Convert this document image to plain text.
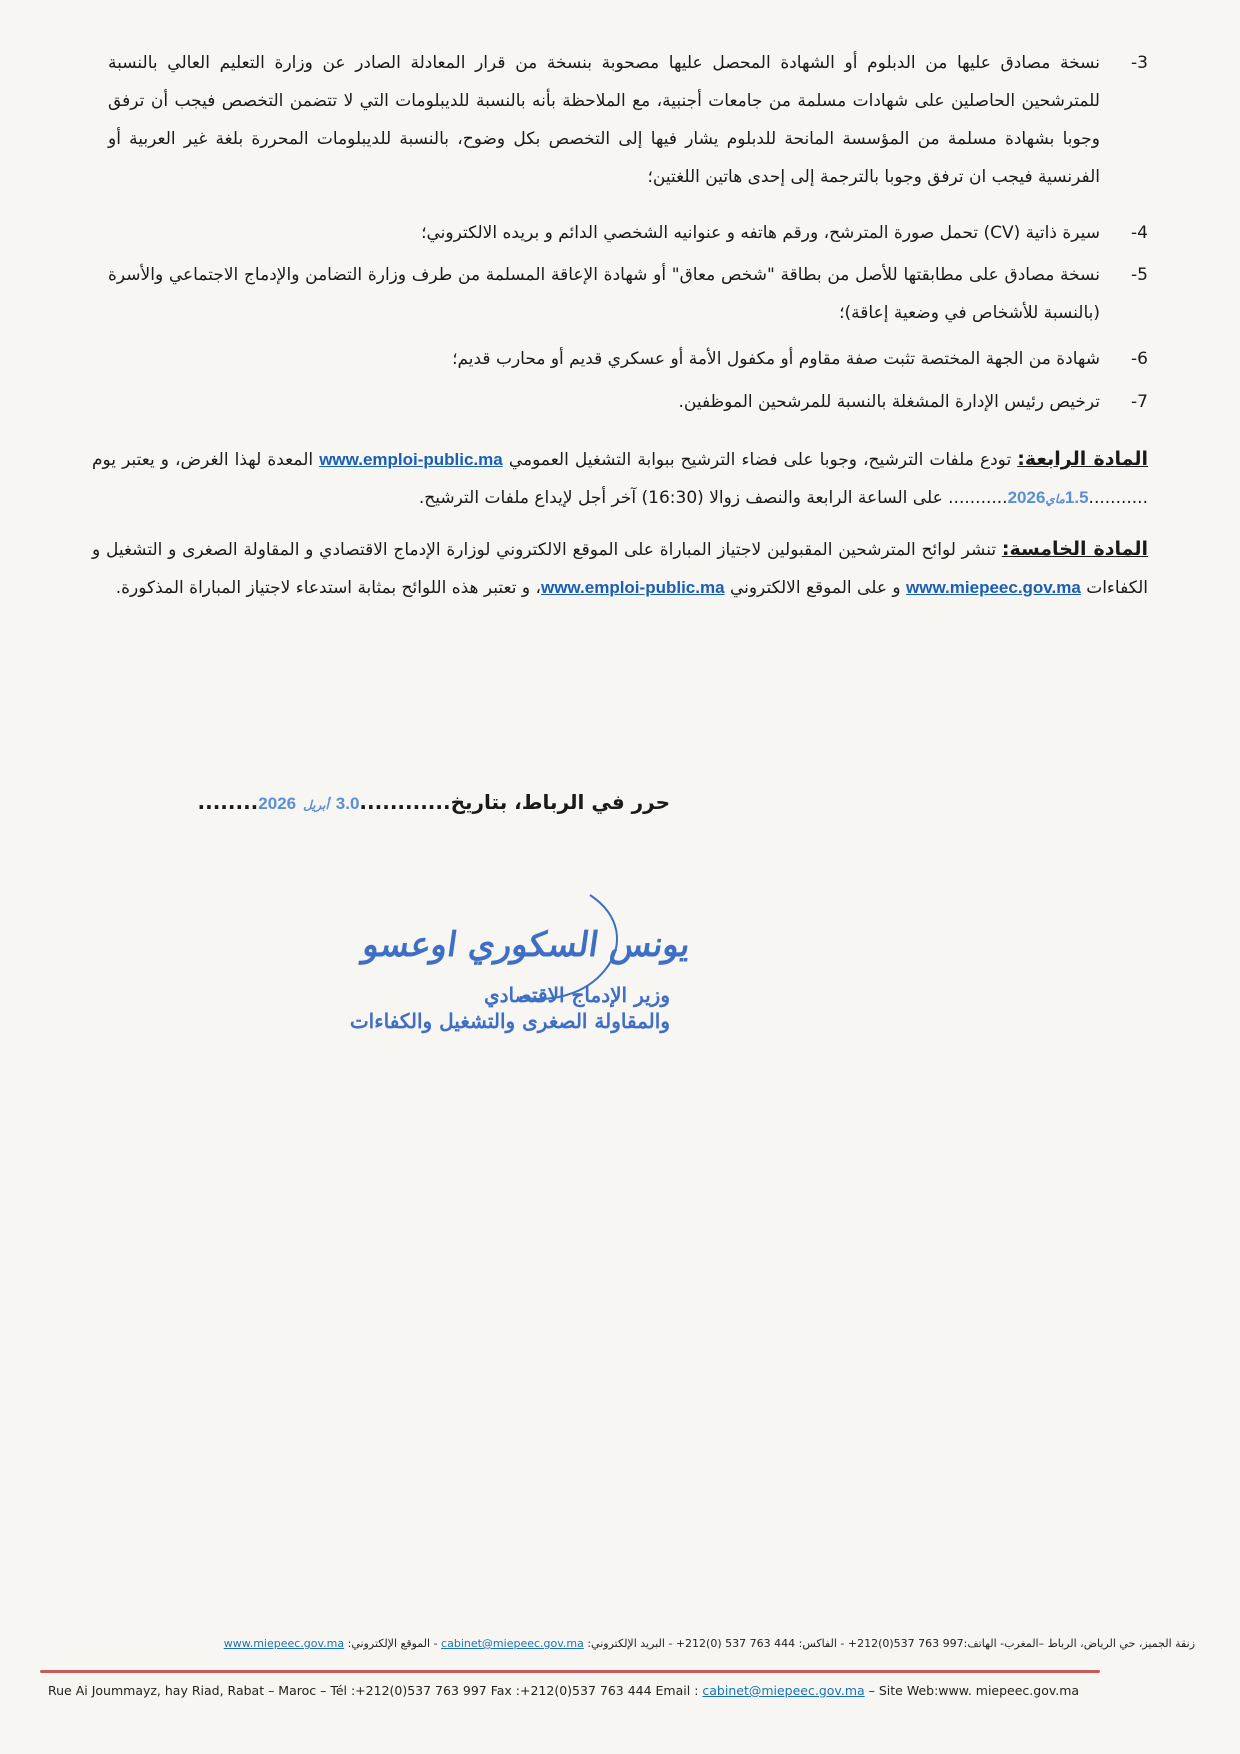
-3
نسخة مصادق عليها من الدبلوم أو الشهادة المحصل عليها مصحوبة بنسخة من قرار المعادلة الصادر عن وزارة التعليم العالي بالنسبة للمترشحين الحاصلين على شهادات مسلمة من جامعات أجنبية، مع الملاحظة بأنه بالنسبة للديبلومات التي لا تتضمن التخصص فيجب أن ترفق وجوبا بشهادة مسلمة من المؤسسة المانحة للدبلوم يشار فيها إلى التخصص بكل وضوح، بالنسبة للديبلومات المحررة بلغة غير العربية أو الفرنسية فيجب ان ترفق وجوبا بالترجمة إلى إحدى هاتين اللغتين؛
-4
سيرة ذاتية (CV) تحمل صورة المترشح، ورقم هاتفه و عنوانيه الشخصي الدائم و بريده الالكتروني؛
-5
نسخة مصادق على مطابقتها للأصل من بطاقة "شخص معاق" أو شهادة الإعاقة المسلمة من طرف وزارة التضامن والإدماج الاجتماعي والأسرة (بالنسبة للأشخاص في وضعية إعاقة)؛
-6
شهادة من الجهة المختصة تثبت صفة مقاوم أو مكفول الأمة أو عسكري قديم أو محارب قديم؛
-7
ترخيص رئيس الإدارة المشغلة بالنسبة للمرشحين الموظفين.
المادة الرابعة: تودع ملفات الترشيح، وجوبا على فضاء الترشيح ببوابة التشغيل العمومي www.emploi-public.ma المعدة لهذا الغرض، و يعتبر يوم ...........1.5ماي2026........... على الساعة الرابعة والنصف زوالا (16:30) آخر أجل لإيداع ملفات الترشيح.
المادة الخامسة: تنشر لوائح المترشحين المقبولين لاجتياز المباراة على الموقع الالكتروني لوزارة الإدماج الاقتصادي و المقاولة الصغرى و التشغيل و الكفاءات www.miepeec.gov.ma و على الموقع الالكتروني www.emploi-public.ma، و تعتبر هذه اللوائح بمثابة استدعاء لاجتياز المباراة المذكورة.
حرر في الرباط، بتاريخ............3.0 أبريل 2026........
يونس السكوري اوعسو
وزير الإدماج الاقتصادي
والمقاولة الصغرى والتشغيل والكفاءات
زنقة الجميز، حي الرياض، الرباط –المغرب- الهاتف:+212(0)537 763 997 - الفاكس: +212(0) 537 763 444 - البريد الإلكتروني: cabinet@miepeec.gov.ma - الموقع الإلكتروني: www.miepeec.gov.ma
Rue Ai Joummayz, hay Riad, Rabat – Maroc – Tél :+212(0)537 763 997 Fax :+212(0)537 763 444 Email : cabinet@miepeec.gov.ma – Site Web:www. miepeec.gov.ma
